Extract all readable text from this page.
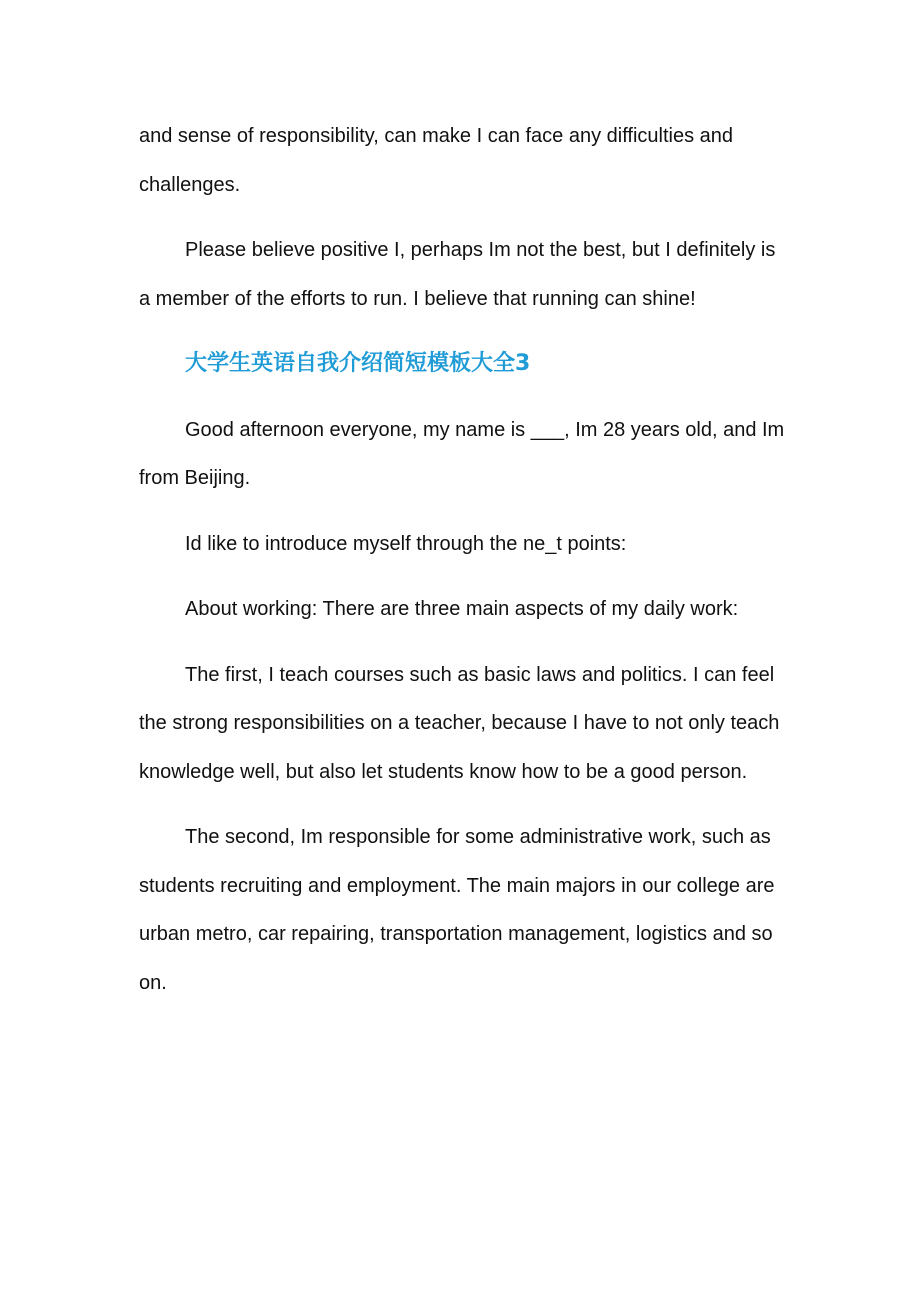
and sense of responsibility, can make I can face any difficulties and challenges.

Please believe positive I, perhaps Im not the best, but I definitely is a member of the efforts to run. I believe that running can shine!

大学生英语自我介绍简短模板大全3

Good afternoon everyone, my name is ___, Im 28 years old, and Im from Beijing.

Id like to introduce myself through the ne_t points:

About working: There are three main aspects of my daily work:

The first, I teach courses such as basic laws and politics. I can feel the strong responsibilities on a teacher, because I have to not only teach knowledge well, but also let students know how to be a good person.

The second, Im responsible for some administrative work, such as students recruiting and employment. The main majors in our college are urban metro, car repairing, transportation management, logistics and so on.
